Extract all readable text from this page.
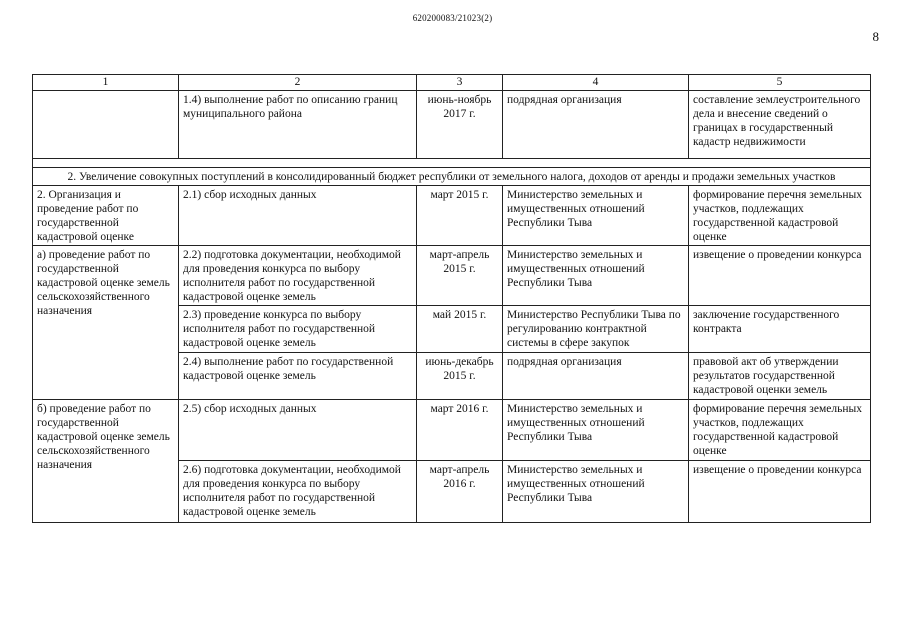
620200083/21023(2)
8
1	2	3	4	5
	1.4) выполнение работ по описанию границ муниципального района	июнь-ноябрь 2017 г.	подрядная организация	составление землеустроительного дела и внесение сведений о границах в государственный кадастр недвижимости

2. Увеличение совокупных поступлений в консолидированный бюджет республики от земельного налога, доходов от аренды и продажи земельных участков				
2. Организация и проведение работ по государственной кадастровой оценке	2.1) сбор исходных данных	март 2015 г.	Министерство земельных и имущественных отношений Республики Тыва	формирование перечня земельных участков, подлежащих государственной кадастровой оценке
а) проведение работ по государственной кадастровой оценке земель сельскохозяйственного назначения	2.2) подготовка документации, необходимой для проведения конкурса по выбору исполнителя работ по государственной кадастровой оценке земель	март-апрель 2015 г.	Министерство земельных и имущественных отношений Республики Тыва	извещение о проведении конкурса
	2.3) проведение конкурса по выбору исполнителя работ по государственной кадастровой оценке земель	май 2015 г.	Министерство Республики Тыва по регулированию контрактной системы в сфере закупок	заключение государственного контракта
	2.4) выполнение работ по государственной кадастровой оценке земель	июнь-декабрь 2015 г.	подрядная организация	правовой акт об утверждении результатов государственной кадастровой оценки земель
б) проведение работ по государственной кадастровой оценке земель сельскохозяйственного назначения	2.5) сбор исходных данных	март 2016 г.	Министерство земельных и имущественных отношений Республики Тыва	формирование перечня земельных участков, подлежащих государственной кадастровой оценке
	2.6) подготовка документации, необходимой для проведения конкурса по выбору исполнителя работ по государственной кадастровой оценке земель	март-апрель 2016 г.	Министерство земельных и имущественных отношений Республики Тыва	извещение о проведении конкурса
